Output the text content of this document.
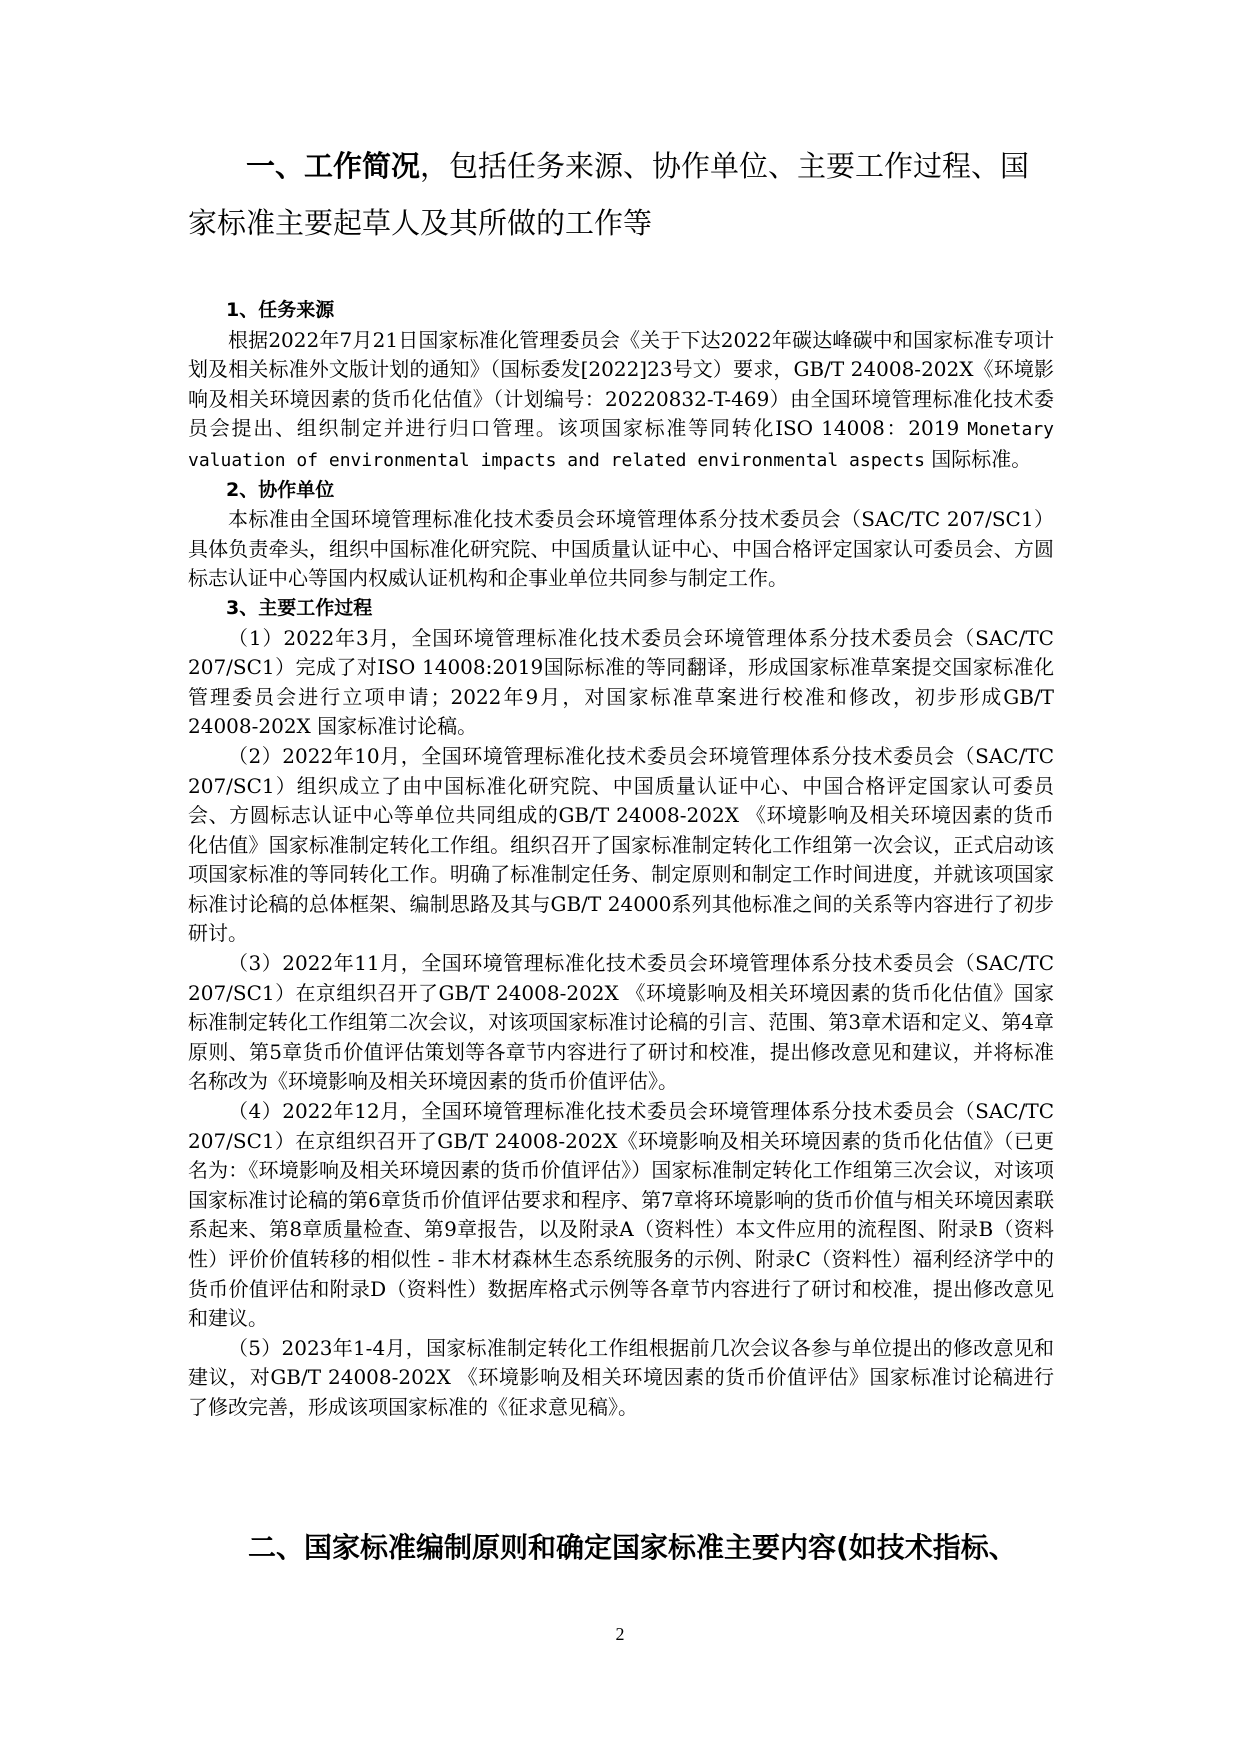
一、工作简况，包括任务来源、协作单位、主要工作过程、国家标准主要起草人及其所做的工作等

1、任务来源

根据2022年7月21日国家标准化管理委员会《关于下达2022年碳达峰碳中和国家标准专项计划及相关标准外文版计划的通知》（国标委发[2022]23号文）要求，GB/T 24008-202X《环境影响及相关环境因素的货币化估值》（计划编号：20220832-T-469）由全国环境管理标准化技术委员会提出、组织制定并进行归口管理。该项国家标准等同转化ISO 14008：2019 Monetary valuation of environmental impacts and related environmental aspects 国际标准。

2、协作单位

本标准由全国环境管理标准化技术委员会环境管理体系分技术委员会（SAC/TC 207/SC1）具体负责牵头，组织中国标准化研究院、中国质量认证中心、中国合格评定国家认可委员会、方圆标志认证中心等国内权威认证机构和企事业单位共同参与制定工作。

3、主要工作过程

（1）2022年3月，全国环境管理标准化技术委员会环境管理体系分技术委员会（SAC/TC 207/SC1）完成了对ISO 14008:2019国际标准的等同翻译，形成国家标准草案提交国家标准化管理委员会进行立项申请；2022年9月，对国家标准草案进行校准和修改，初步形成GB/T 24008-202X 国家标准讨论稿。

（2）2022年10月，全国环境管理标准化技术委员会环境管理体系分技术委员会（SAC/TC 207/SC1）组织成立了由中国标准化研究院、中国质量认证中心、中国合格评定国家认可委员会、方圆标志认证中心等单位共同组成的GB/T 24008-202X 《环境影响及相关环境因素的货币化估值》国家标准制定转化工作组。组织召开了国家标准制定转化工作组第一次会议，正式启动该项国家标准的等同转化工作。明确了标准制定任务、制定原则和制定工作时间进度，并就该项国家标准讨论稿的总体框架、编制思路及其与GB/T 24000系列其他标准之间的关系等内容进行了初步研讨。

（3）2022年11月，全国环境管理标准化技术委员会环境管理体系分技术委员会（SAC/TC 207/SC1）在京组织召开了GB/T 24008-202X 《环境影响及相关环境因素的货币化估值》国家标准制定转化工作组第二次会议，对该项国家标准讨论稿的引言、范围、第3章术语和定义、第4章原则、第5章货币价值评估策划等各章节内容进行了研讨和校准，提出修改意见和建议，并将标准名称改为《环境影响及相关环境因素的货币价值评估》。

（4）2022年12月，全国环境管理标准化技术委员会环境管理体系分技术委员会（SAC/TC 207/SC1）在京组织召开了GB/T 24008-202X《环境影响及相关环境因素的货币化估值》（已更名为：《环境影响及相关环境因素的货币价值评估》）国家标准制定转化工作组第三次会议，对该项国家标准讨论稿的第6章货币价值评估要求和程序、第7章将环境影响的货币价值与相关环境因素联系起来、第8章质量检查、第9章报告，以及附录A（资料性）本文件应用的流程图、附录B（资料性）评价价值转移的相似性 - 非木材森林生态系统服务的示例、附录C（资料性）福利经济学中的货币价值评估和附录D（资料性）数据库格式示例等各章节内容进行了研讨和校准，提出修改意见和建议。

（5）2023年1-4月，国家标准制定转化工作组根据前几次会议各参与单位提出的修改意见和建议，对GB/T 24008-202X 《环境影响及相关环境因素的货币价值评估》国家标准讨论稿进行了修改完善，形成该项国家标准的《征求意见稿》。

二、国家标准编制原则和确定国家标准主要内容(如技术指标、
2
